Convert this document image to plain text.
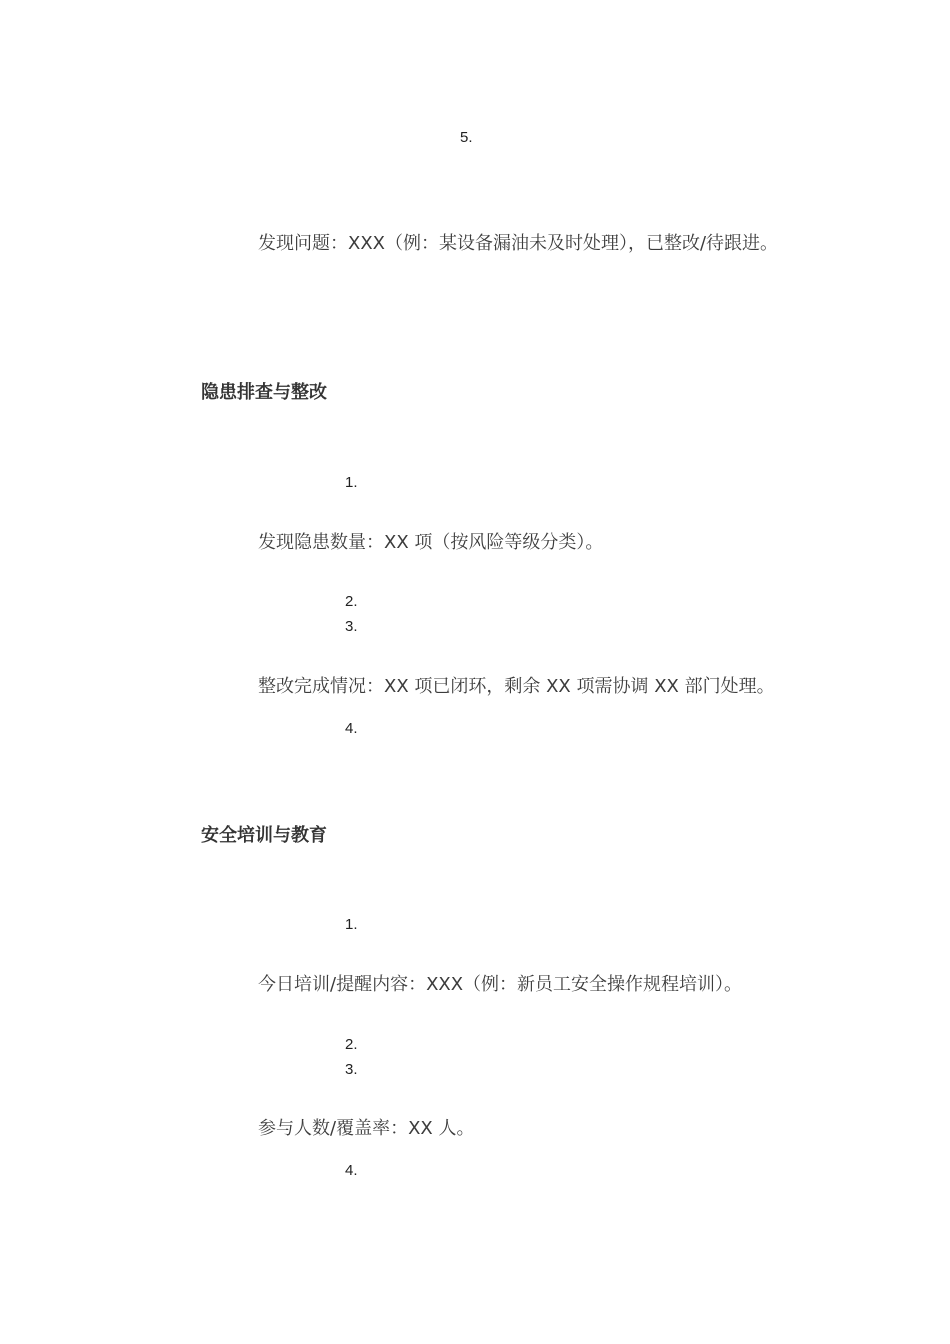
5.
发现问题：XXX（例：某设备漏油未及时处理），已整改/待跟进。
隐患排查与整改
1.
发现隐患数量：XX 项（按风险等级分类）。
2.
3.
整改完成情况：XX 项已闭环，剩余 XX 项需协调 XX 部门处理。
4.
安全培训与教育
1.
今日培训/提醒内容：XXX（例：新员工安全操作规程培训）。
2.
3.
参与人数/覆盖率：XX 人。
4.
